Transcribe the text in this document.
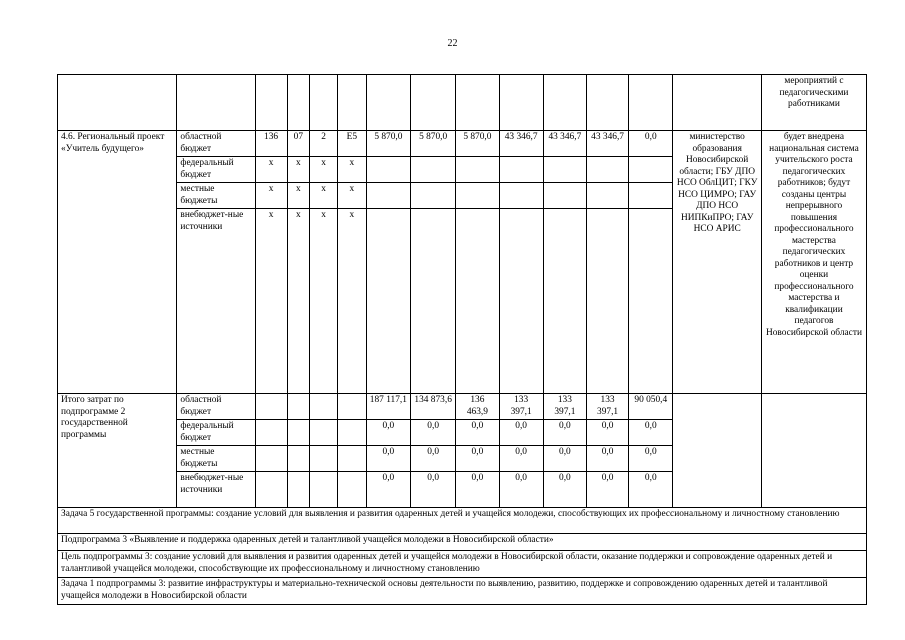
22
														мероприятий с педагогическими работниками
4.6. Региональный проект «Учитель будущего»	областной бюджет	136	07	2	Е5	5 870,0	5 870,0	5 870,0	43 346,7	43 346,7	43 346,7	0,0	министерство образования Новосибирской области; ГБУ ДПО НСО ОблЦИТ; ГКУ НСО ЦИМРО; ГАУ ДПО НСО НИПКиПРО; ГАУ НСО АРИС	будет внедрена национальная система учительского роста педагогических работников; будут созданы центры непрерывного повышения профессионального мастерства педагогических работников и центр оценки профессионального мастерства и квалификации педагогов Новосибирской области
	федеральный бюджет	х	х	х	х									
	местные бюджеты	х	х	х	х									
	внебюджет-ные источники	х	х	х	х									
Итого затрат по подпрограмме 2 государственной программы	областной бюджет					187 117,1	134 873,6	136 463,9	133 397,1	133 397,1	133 397,1	90 050,4		
	федеральный бюджет					0,0	0,0	0,0	0,0	0,0	0,0	0,0		
	местные бюджеты					0,0	0,0	0,0	0,0	0,0	0,0	0,0		
	внебюджет-ные источники					0,0	0,0	0,0	0,0	0,0	0,0	0,0		
Задача 5 государственной программы: создание условий для выявления и развития одаренных детей и учащейся молодежи, способствующих их профессиональному и личностному становлению														
Подпрограмма 3 «Выявление и поддержка одаренных детей и талантливой учащейся молодежи в Новосибирской области»														
Цель подпрограммы 3: создание условий для выявления и развития одаренных детей и учащейся молодежи в Новосибирской области, оказание поддержки и сопровождение одаренных детей и талантливой учащейся молодежи, способствующие их профессиональному и личностному становлению														
Задача 1 подпрограммы 3: развитие инфраструктуры и материально-технической основы деятельности по выявлению, развитию, поддержке и сопровождению одаренных детей и талантливой учащейся молодежи в Новосибирской области														
